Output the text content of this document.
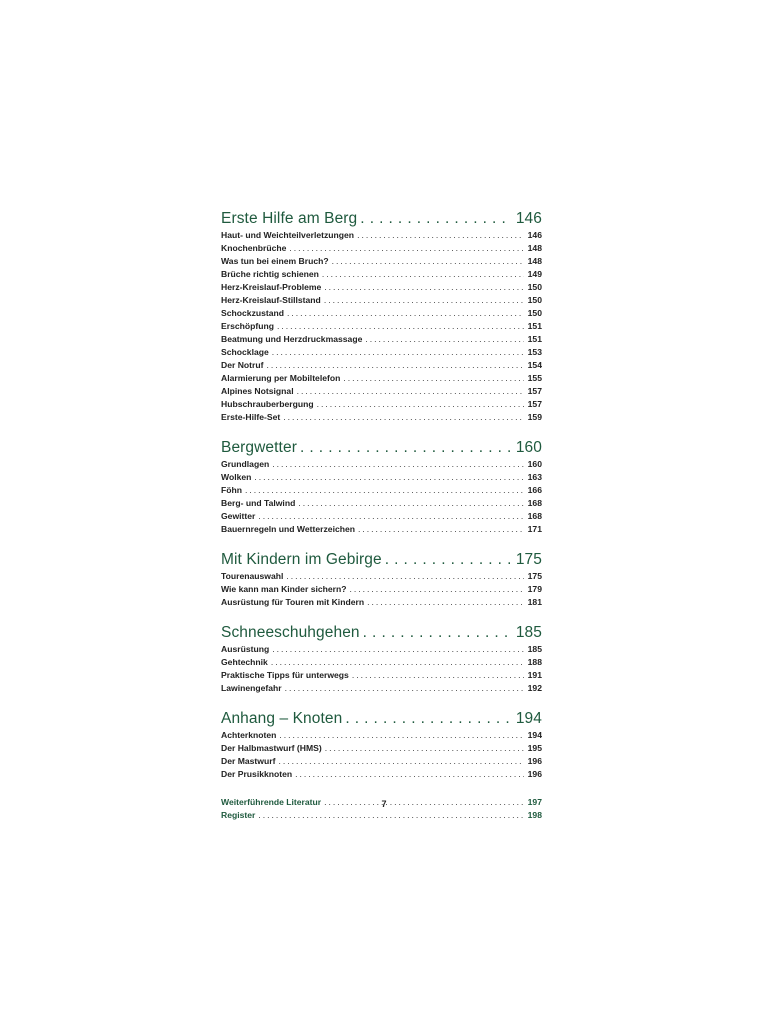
Erste Hilfe am Berg . . .	146
Haut- und Weichteilverletzungen . . .	146
Knochenbrüche . . .	148
Was tun bei einem Bruch? . . .	148
Brüche richtig schienen . . .	149
Herz-Kreislauf-Probleme . . .	150
Herz-Kreislauf-Stillstand . . .	150
Schockzustand . . .	150
Erschöpfung . . .	151
Beatmung und Herzdruckmassage . . .	151
Schocklage . . .	153
Der Notruf . . .	154
Alarmierung per Mobiltelefon . . .	155
Alpines Notsignal . . .	157
Hubschrauberbergung . . .	157
Erste-Hilfe-Set . . .	159
Bergwetter . . .	160
Grundlagen . . .	160
Wolken . . .	163
Föhn . . .	166
Berg- und Talwind . . .	168
Gewitter . . .	168
Bauernregeln und Wetterzeichen . . .	171
Mit Kindern im Gebirge . . .	175
Tourenauswahl . . .	175
Wie kann man Kinder sichern? . . .	179
Ausrüstung für Touren mit Kindern . . .	181
Schneeschuhgehen . . .	185
Ausrüstung . . .	185
Gehtechnik . . .	188
Praktische Tipps für unterwegs . . .	191
Lawinengefahr . . .	192
Anhang – Knoten . . .	194
Achterknoten . . .	194
Der Halbmastwurf (HMS) . . .	195
Der Mastwurf . . .	196
Der Prusikknoten . . .	196
Weiterführende Literatur . . .	197
Register . . .	198
7
